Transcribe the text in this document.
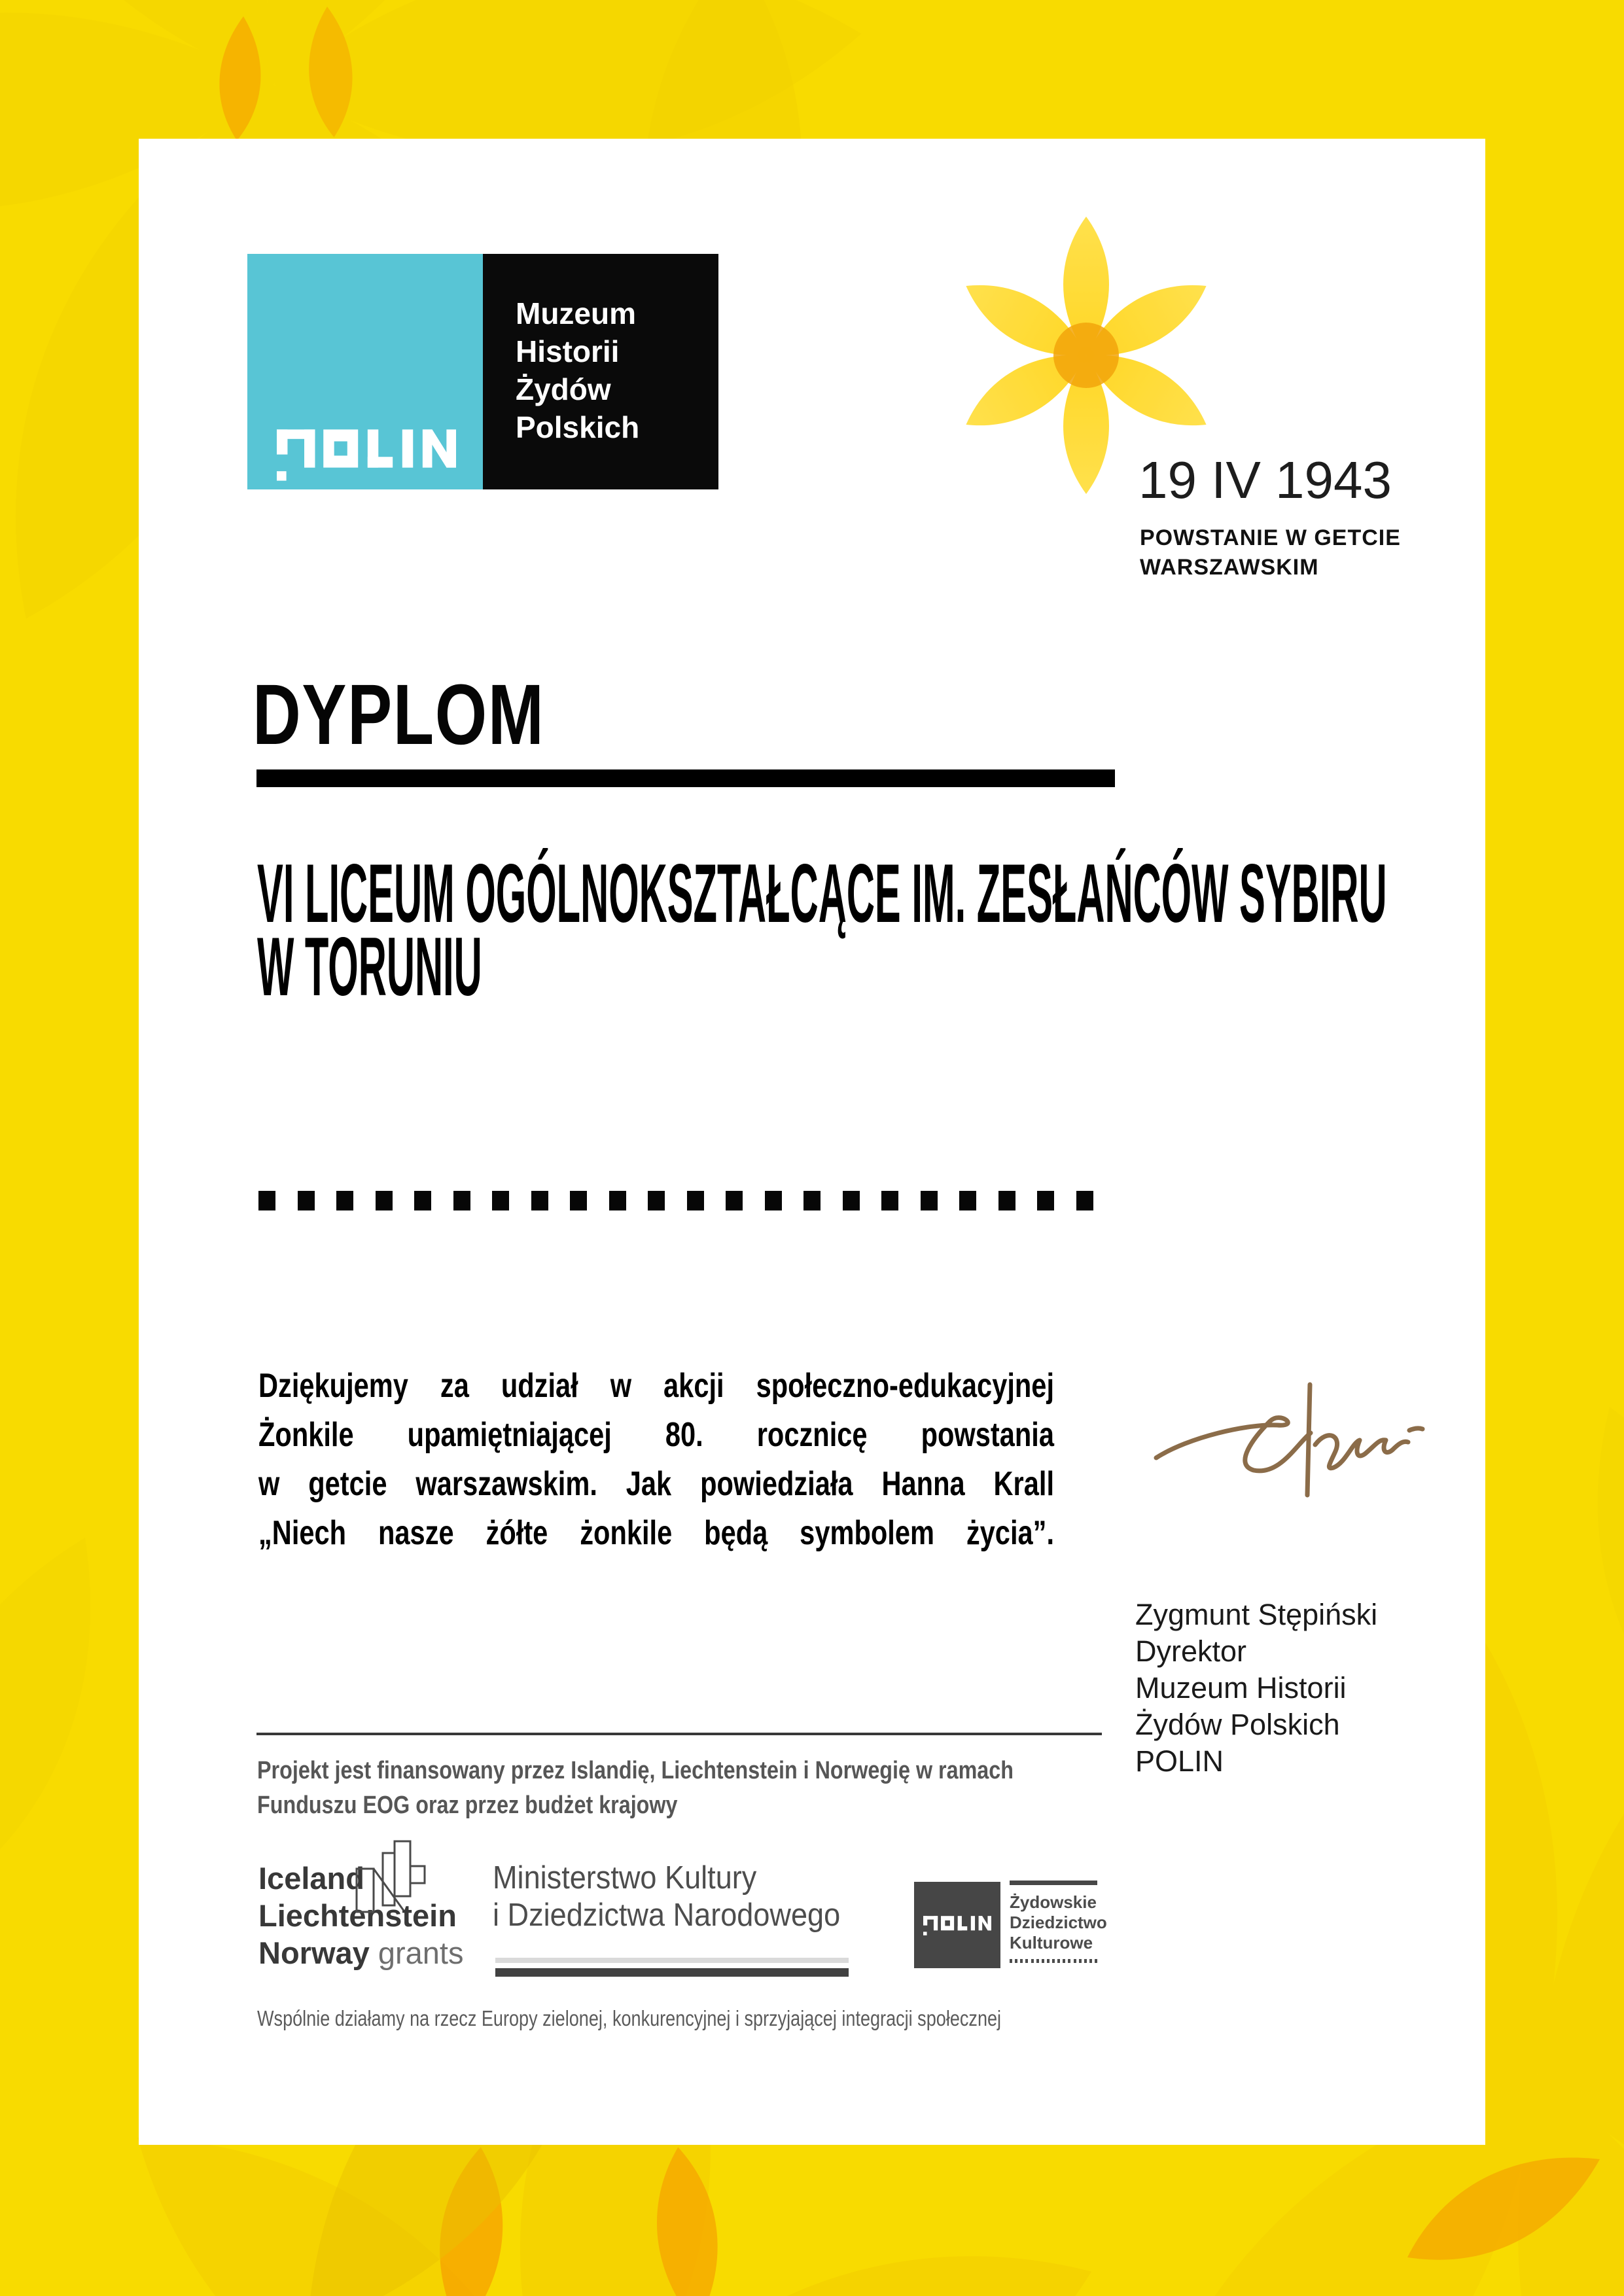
Muzeum
Historii
Żydów
Polskich
19 IV 1943
POWSTANIE W GETCIE
WARSZAWSKIM
DYPLOM
VI LICEUM OGÓLNOKSZTAŁCĄCE IM. ZESŁAŃCÓW SYBIRU
W TORUNIU
Dziękujemy za udział w akcji społeczno-edukacyjnej
Żonkile upamiętniającej 80. rocznicę powstania
w getcie warszawskim. Jak powiedziała Hanna Krall
„Niech nasze żółte żonkile będą symbolem życia”.
Zygmunt Stępiński
Dyrektor
Muzeum Historii
Żydów Polskich
POLIN
Projekt jest finansowany przez Islandię, Liechtenstein i Norwegię w ramach
Funduszu EOG oraz przez budżet krajowy
Iceland
Liechtenstein
Norway grants
Ministerstwo Kultury
i Dziedzictwa Narodowego	Żydowskie
Dziedzictwo
Kulturowe
Wspólnie działamy na rzecz Europy zielonej, konkurencyjnej i sprzyjającej integracji społecznej
